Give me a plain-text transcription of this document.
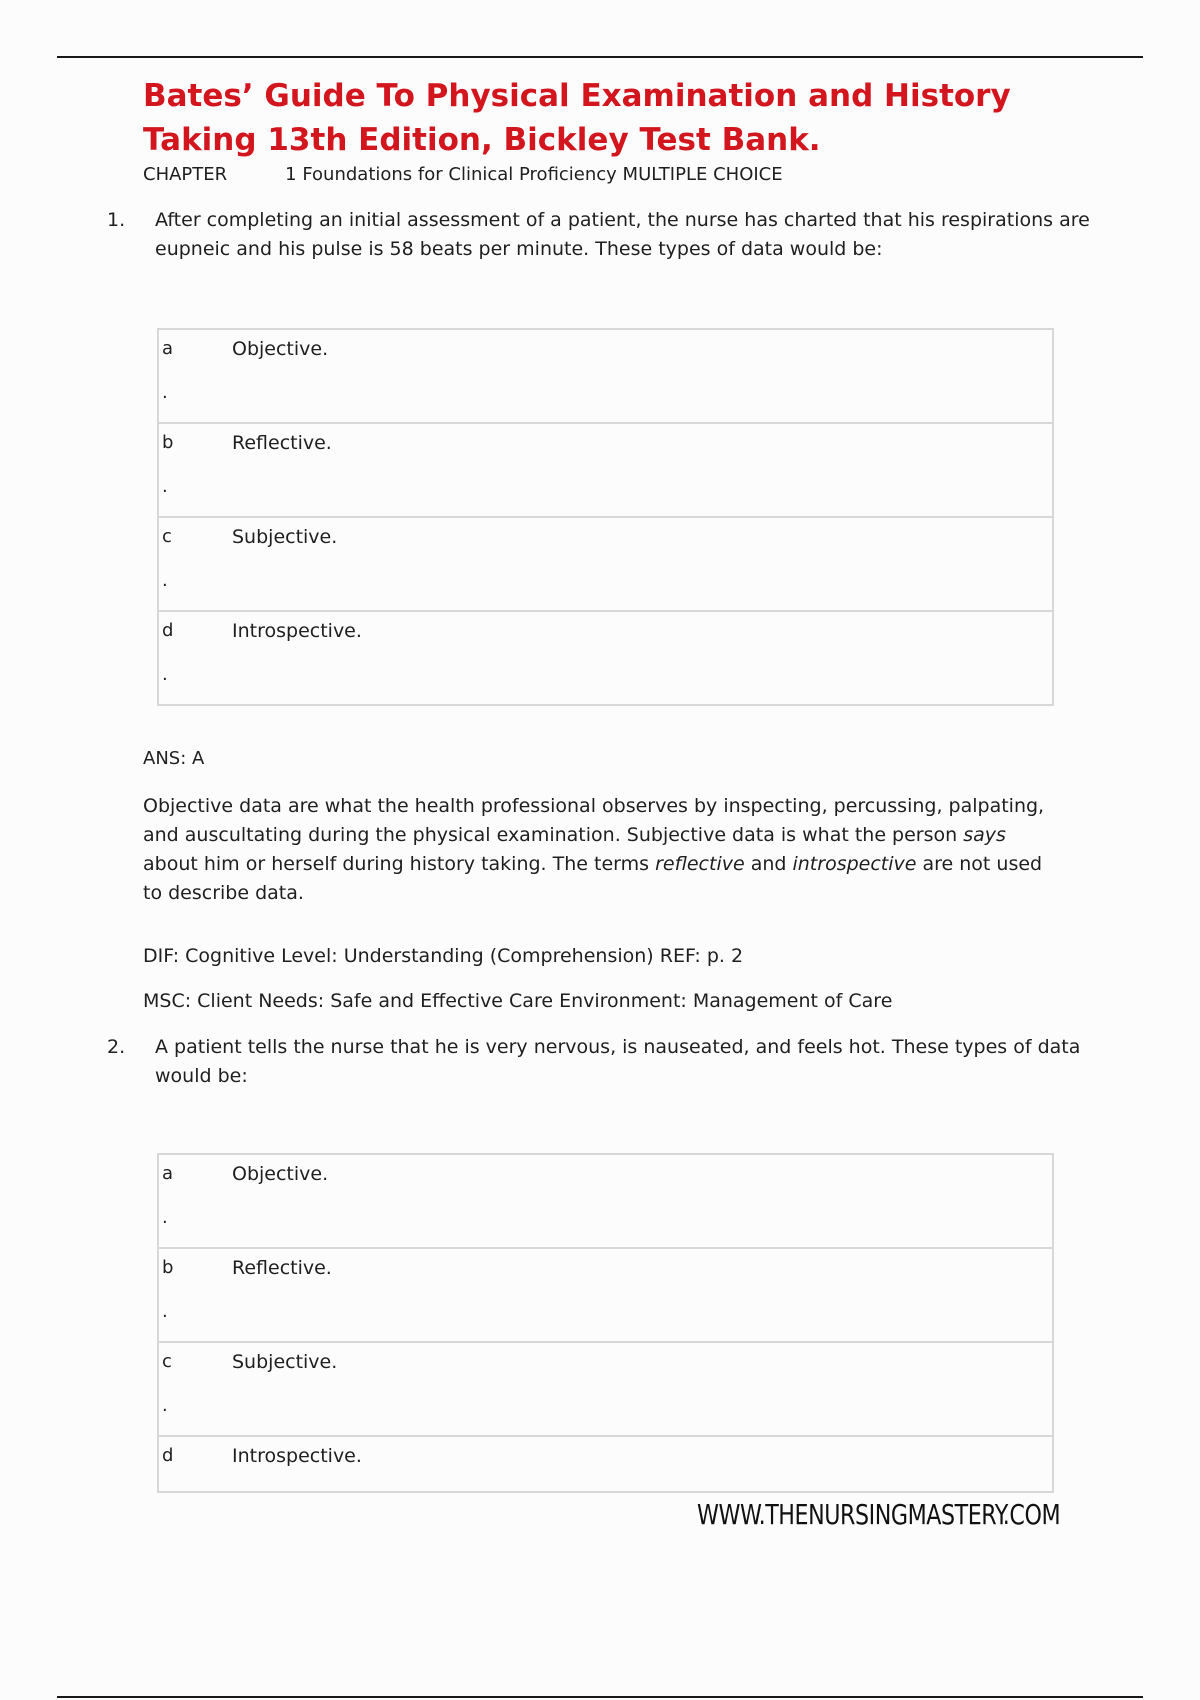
Bates’ Guide To Physical Examination and History Taking 13th Edition, Bickley Test Bank.

CHAPTER	1 Foundations for Clinical Proficiency MULTIPLE CHOICE

1. After completing an initial assessment of a patient, the nurse has charted that his respirations are eupneic and his pulse is 58 beats per minute. These types of data would be:
a
.
Objective.
b
.
Reflective.
c
.
Subjective.
d
.
Introspective.

ANS: A

Objective data are what the health professional observes by inspecting, percussing, palpating, and auscultating during the physical examination. Subjective data is what the person says about him or herself during history taking. The terms reflective and introspective are not used to describe data.

DIF: Cognitive Level: Understanding (Comprehension) REF: p. 2

MSC: Client Needs: Safe and Effective Care Environment: Management of Care

2. A patient tells the nurse that he is very nervous, is nauseated, and feels hot. These types of data would be:
a
.
Objective.
b
.
Reflective.
c
.
Subjective.
d	Introspective.

WWW.THENURSINGMASTERY.COM
